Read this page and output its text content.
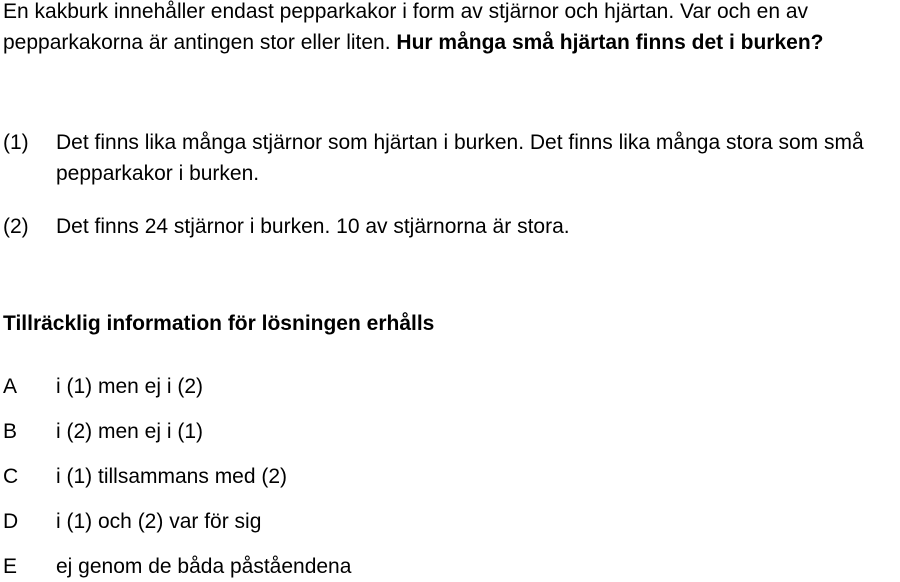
En kakburk innehåller endast pepparkakor i form av stjärnor och hjärtan. Var och en av pepparkakorna är antingen stor eller liten. Hur många små hjärtan finns det i burken?

(1) Det finns lika många stjärnor som hjärtan i burken. Det finns lika många stora som små pepparkakor i burken.
(2) Det finns 24 stjärnor i burken. 10 av stjärnorna är stora.

Tillräcklig information för lösningen erhålls

A i (1) men ej i (2)
B i (2) men ej i (1)
C i (1) tillsammans med (2)
D i (1) och (2) var för sig
E ej genom de båda påståendena
